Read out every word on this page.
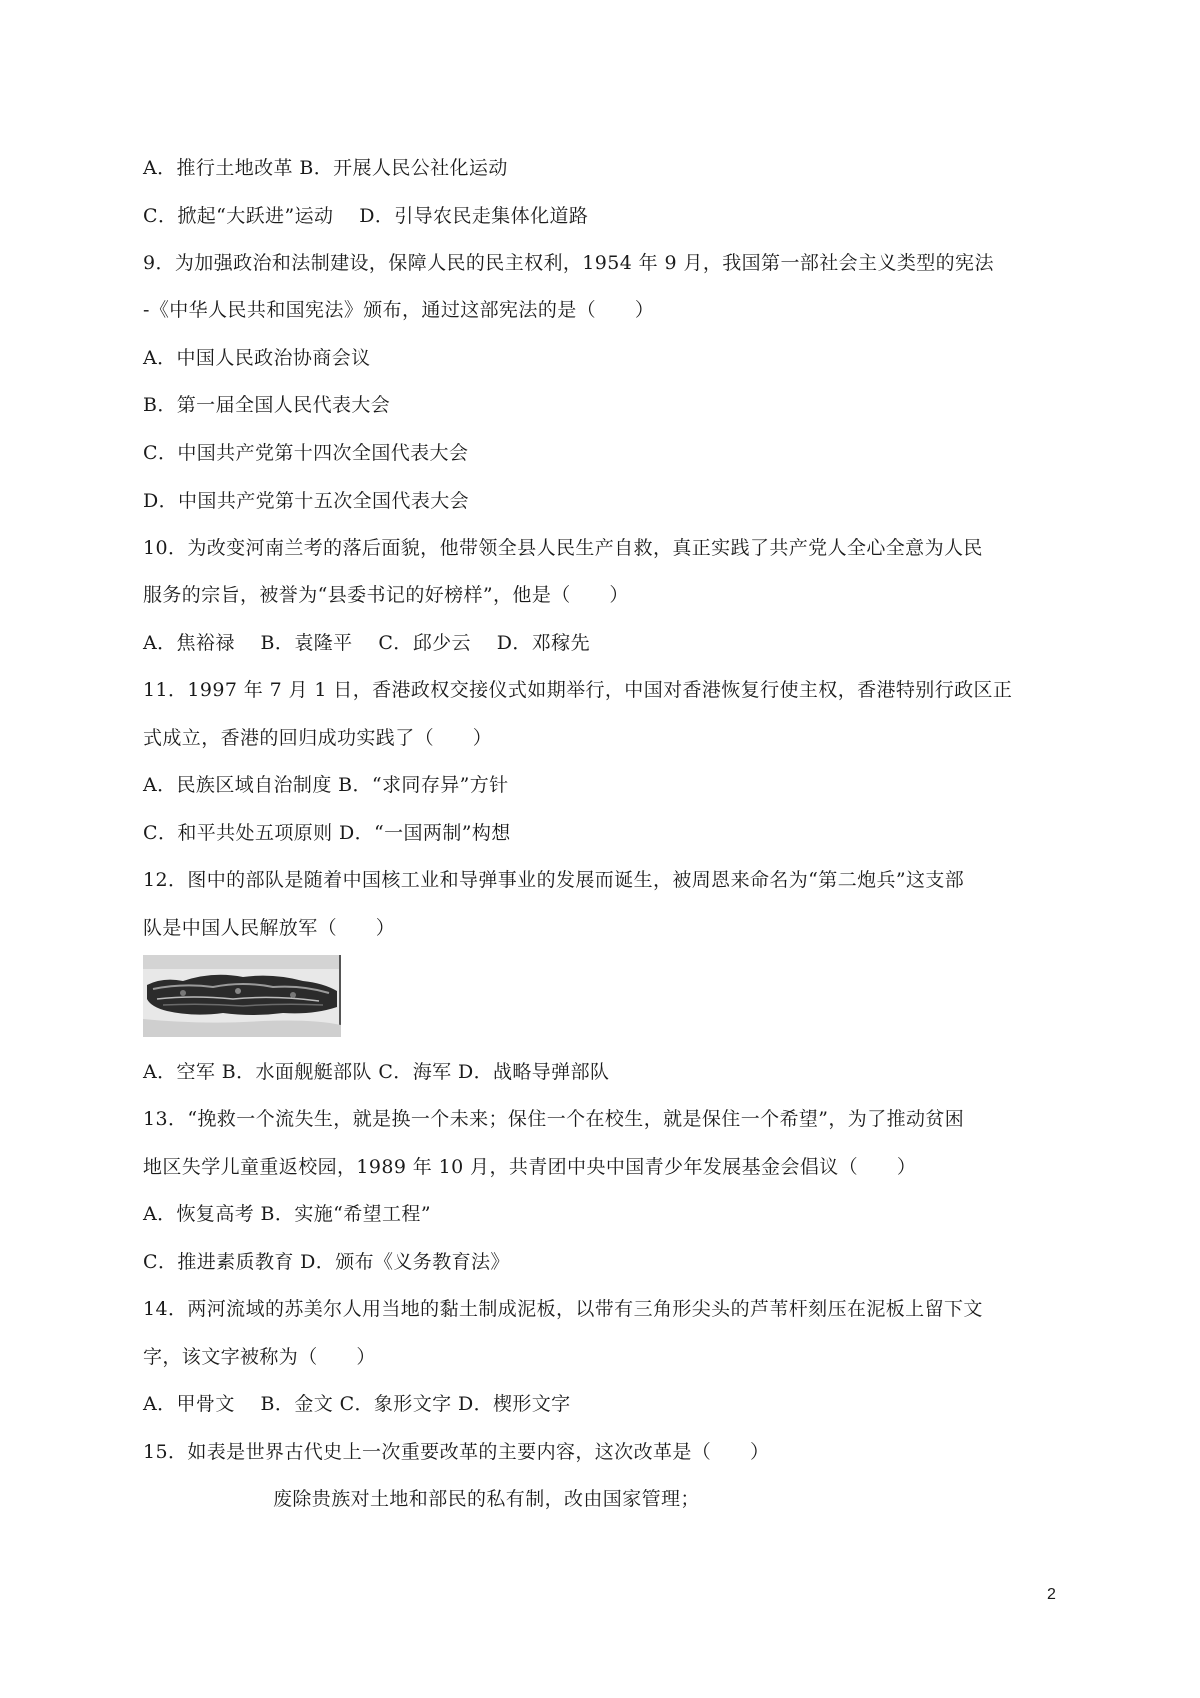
A．推行土地改革 B．开展人民公社化运动
C．掀起“大跃进”运动　 D．引导农民走集体化道路
9．为加强政治和法制建设，保障人民的民主权利，1954 年 9 月，我国第一部社会主义类型的宪法
-《中华人民共和国宪法》颁布，通过这部宪法的是（　　）
A．中国人民政治协商会议
B．第一届全国人民代表大会
C．中国共产党第十四次全国代表大会
D．中国共产党第十五次全国代表大会
10．为改变河南兰考的落后面貌，他带领全县人民生产自救，真正实践了共产党人全心全意为人民
服务的宗旨，被誉为“县委书记的好榜样”，他是（　　）
A．焦裕禄　 B．袁隆平　 C．邱少云　 D．邓稼先
11．1997 年 7 月 1 日，香港政权交接仪式如期举行，中国对香港恢复行使主权，香港特别行政区正
式成立，香港的回归成功实践了（　　）
A．民族区域自治制度 B．“求同存异”方针
C．和平共处五项原则 D．“一国两制”构想
12．图中的部队是随着中国核工业和导弹事业的发展而诞生，被周恩来命名为“第二炮兵”这支部
队是中国人民解放军（　　）
A．空军 B．水面舰艇部队 C．海军 D．战略导弹部队
13．“挽救一个流失生，就是换一个未来；保住一个在校生，就是保住一个希望”，为了推动贫困
地区失学儿童重返校园，1989 年 10 月，共青团中央中国青少年发展基金会倡议（　　）
A．恢复高考 B．实施“希望工程”
C．推进素质教育 D．颁布《义务教育法》
14．两河流域的苏美尔人用当地的黏土制成泥板，以带有三角形尖头的芦苇杆刻压在泥板上留下文
字，该文字被称为（　　）
A．甲骨文　 B．金文 C．象形文字 D．楔形文字
15．如表是世界古代史上一次重要改革的主要内容，这次改革是（　　）
废除贵族对土地和部民的私有制，改由国家管理；
2
